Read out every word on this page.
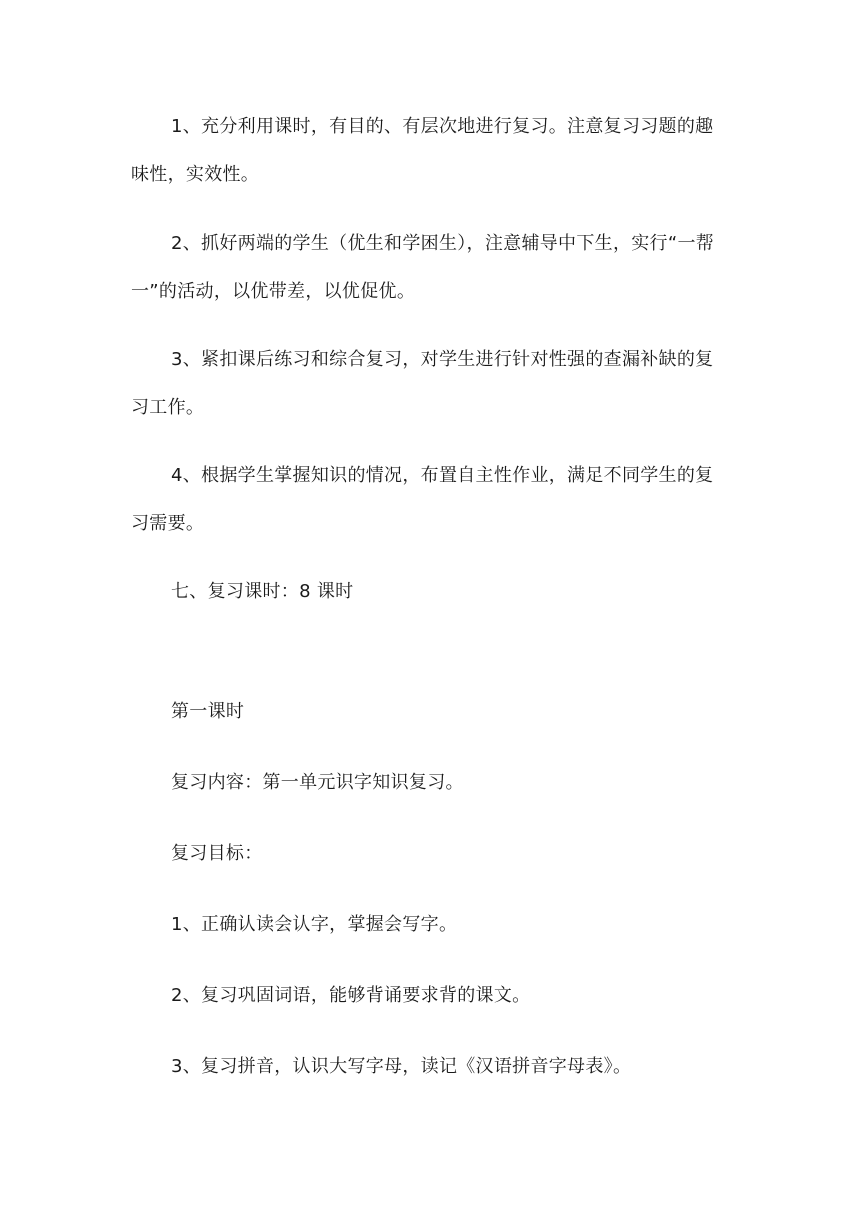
1、充分利用课时，有目的、有层次地进行复习。注意复习习题的趣味性，实效性。

2、抓好两端的学生（优生和学困生），注意辅导中下生，实行“一帮一”的活动，以优带差，以优促优。

3、紧扣课后练习和综合复习，对学生进行针对性强的查漏补缺的复习工作。

4、根据学生掌握知识的情况，布置自主性作业，满足不同学生的复习需要。

七、复习课时：8 课时

第一课时

复习内容：第一单元识字知识复习。

复习目标：

1、正确认读会认字，掌握会写字。

2、复习巩固词语，能够背诵要求背的课文。

3、复习拼音，认识大写字母，读记《汉语拼音字母表》。
